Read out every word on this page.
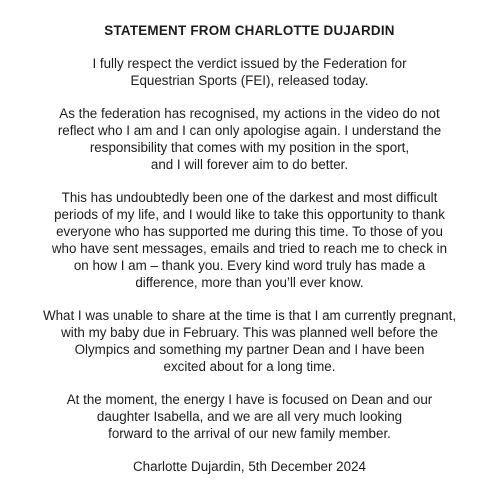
STATEMENT FROM CHARLOTTE DUJARDIN
I fully respect the verdict issued by the Federation for
Equestrian Sports (FEI), released today.
As the federation has recognised, my actions in the video do not
reflect who I am and I can only apologise again. I understand the
responsibility that comes with my position in the sport,
and I will forever aim to do better.
This has undoubtedly been one of the darkest and most difficult
periods of my life, and I would like to take this opportunity to thank
everyone who has supported me during this time. To those of you
who have sent messages, emails and tried to reach me to check in
on how I am – thank you. Every kind word truly has made a
difference, more than you’ll ever know.
What I was unable to share at the time is that I am currently pregnant,
with my baby due in February. This was planned well before the
Olympics and something my partner Dean and I have been
excited about for a long time.
At the moment, the energy I have is focused on Dean and our
daughter Isabella, and we are all very much looking
forward to the arrival of our new family member.
Charlotte Dujardin, 5th December 2024
